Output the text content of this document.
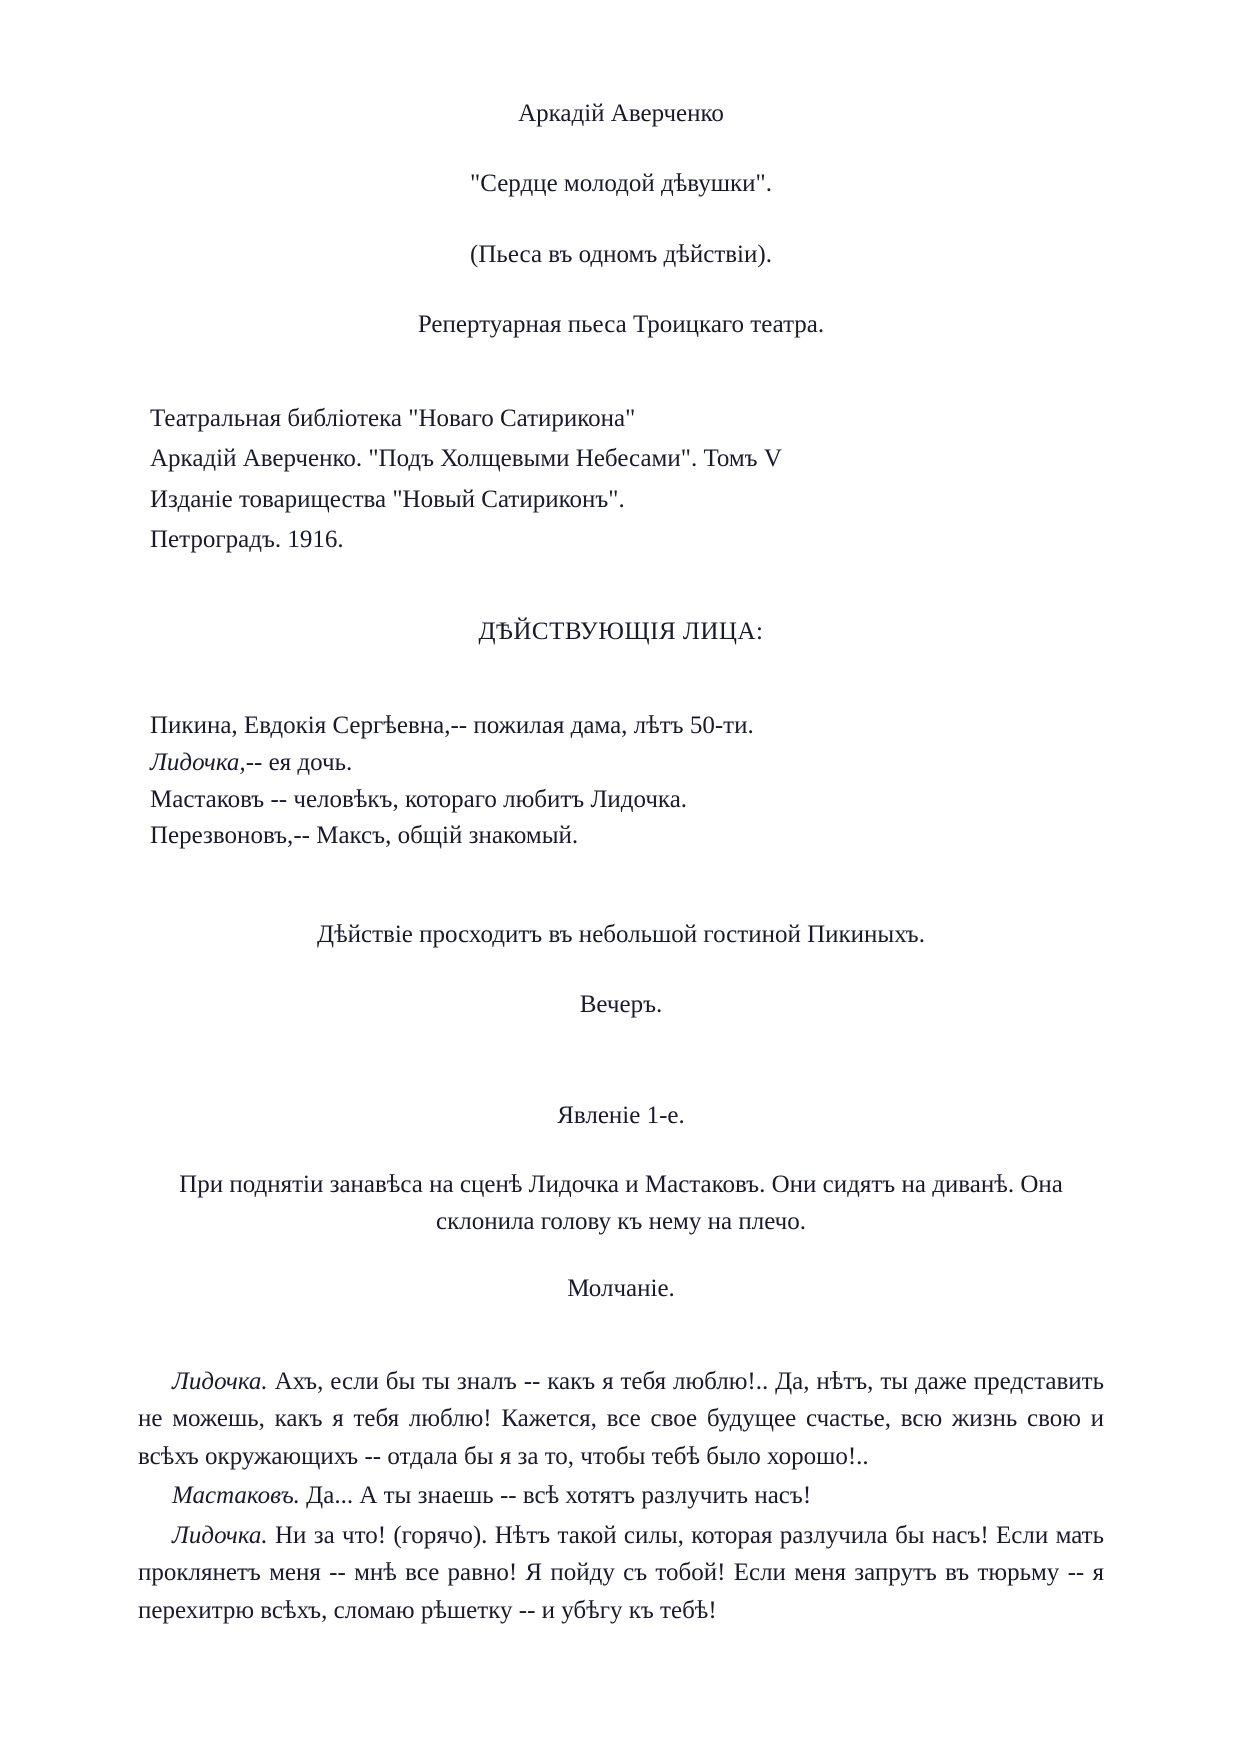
Аркадій Аверченко

"Сердце молодой дѣвушки".

(Пьеса въ одномъ дѣйствіи).

Репертуарная пьеса Троицкаго театра.

Театральная библіотека "Новаго Сатирикона"

Аркадій Аверченко. "Подъ Холщевыми Небесами". Томъ V

Изданіе товарищества "Новый Сатириконъ".

Петроградъ. 1916.

ДѢЙСТВУЮЩІЯ ЛИЦА:

Пикина, Евдокія Сергѣевна,-- пожилая дама, лѣтъ 50-ти.

Лидочка,-- ея дочь.

Мастаковъ -- человѣкъ, котораго любитъ Лидочка.

Перезвоновъ,-- Максъ, общій знакомый.

Дѣйствіе просходитъ въ небольшой гостиной Пикиныхъ.

Вечеръ.

Явленіе 1-е.

При поднятіи занавѣса на сценѣ Лидочка и Мастаковъ. Они сидятъ на диванѣ. Она склонила голову къ нему на плечо.

Молчаніе.

Лидочка. Ахъ, если бы ты зналъ -- какъ я тебя люблю!.. Да, нѣтъ, ты даже представить не можешь, какъ я тебя люблю! Кажется, все свое будущее счастье, всю жизнь свою и всѣхъ окружающихъ -- отдала бы я за то, чтобы тебѣ было хорошо!..

Мастаковъ. Да... А ты знаешь -- всѣ хотятъ разлучить насъ!

Лидочка. Ни за что! (горячо). Нѣтъ такой силы, которая разлучила бы насъ! Если мать проклянетъ меня -- мнѣ все равно! Я пойду съ тобой! Если меня запрутъ въ тюрьму -- я перехитрю всѣхъ, сломаю рѣшетку -- и убѣгу къ тебѣ!
